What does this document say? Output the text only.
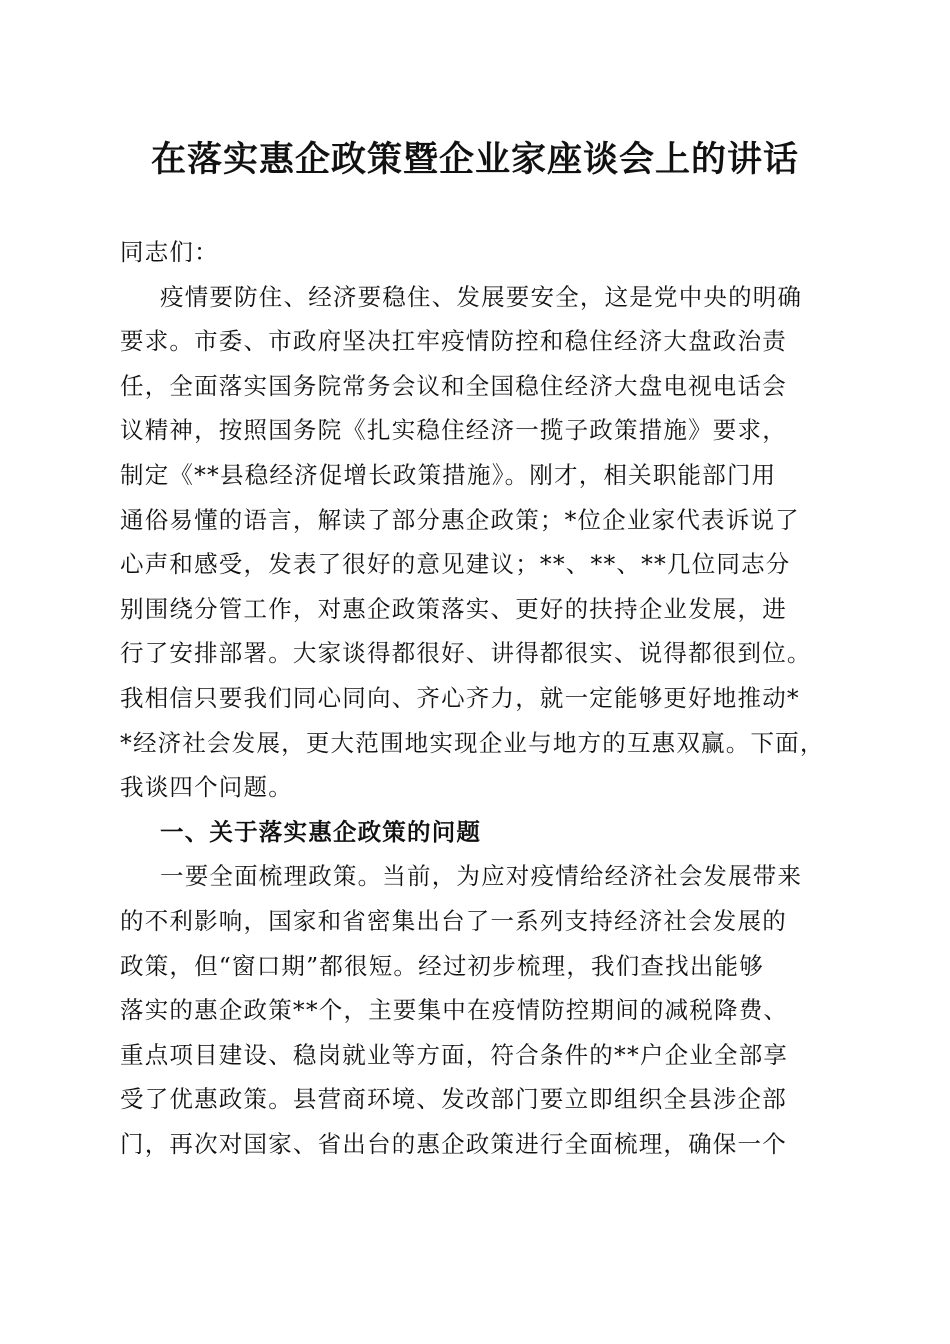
在落实惠企政策暨企业家座谈会上的讲话
同志们：
疫情要防住、经济要稳住、发展要安全，这是党中央的明确
要求。市委、市政府坚决扛牢疫情防控和稳住经济大盘政治责
任，全面落实国务院常务会议和全国稳住经济大盘电视电话会
议精神，按照国务院《扎实稳住经济一揽子政策措施》要求，
制定《**县稳经济促增长政策措施》。刚才，相关职能部门用
通俗易懂的语言，解读了部分惠企政策；*位企业家代表诉说了
心声和感受，发表了很好的意见建议；**、**、**几位同志分
别围绕分管工作，对惠企政策落实、更好的扶持企业发展，进
行了安排部署。大家谈得都很好、讲得都很实、说得都很到位。
我相信只要我们同心同向、齐心齐力，就一定能够更好地推动*
*经济社会发展，更大范围地实现企业与地方的互惠双赢。下面，
我谈四个问题。
一、关于落实惠企政策的问题
一要全面梳理政策。当前，为应对疫情给经济社会发展带来
的不利影响，国家和省密集出台了一系列支持经济社会发展的
政策，但“窗口期”都很短。经过初步梳理，我们查找出能够
落实的惠企政策**个，主要集中在疫情防控期间的减税降费、
重点项目建设、稳岗就业等方面，符合条件的**户企业全部享
受了优惠政策。县营商环境、发改部门要立即组织全县涉企部
门，再次对国家、省出台的惠企政策进行全面梳理，确保一个
